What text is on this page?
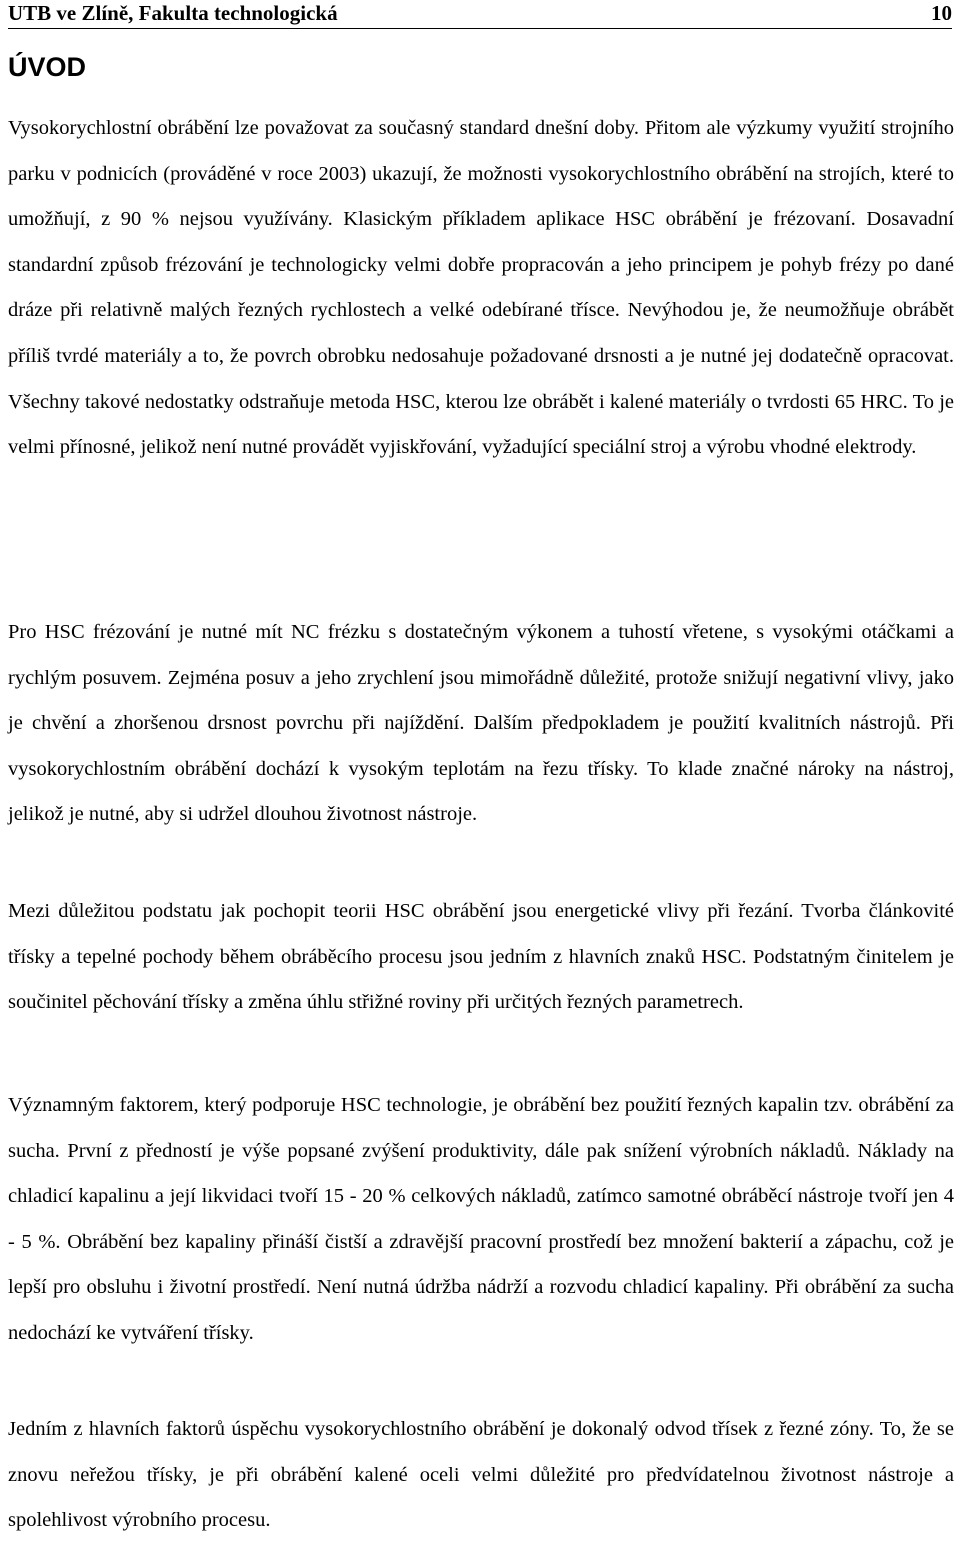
UTB ve Zlíně, Fakulta technologická	10
ÚVOD

Vysokorychlostní obrábění lze považovat za současný standard dnešní doby. Přitom ale výzkumy využití strojního parku v podnicích (prováděné v roce 2003) ukazují, že možnosti vysokorychlostního obrábění na strojích, které to umožňují, z 90 % nejsou využívány. Klasickým příkladem aplikace HSC obrábění je frézovaní. Dosavadní standardní způsob frézování je technologicky velmi dobře propracován a jeho principem je pohyb frézy po dané dráze při relativně malých řezných rychlostech a velké odebírané třísce. Nevýhodou je, že neumožňuje obrábět příliš tvrdé materiály a to, že povrch obrobku nedosahuje požadované drsnosti a je nutné jej dodatečně opracovat. Všechny takové nedostatky odstraňuje metoda HSC, kterou lze obrábět i kalené materiály o tvrdosti 65 HRC. To je velmi přínosné, jelikož není nutné provádět vyjiskřování, vyžadující speciální stroj a výrobu vhodné elektrody.

Pro HSC frézování je nutné mít NC frézku s dostatečným výkonem a tuhostí vřetene, s vysokými otáčkami a rychlým posuvem. Zejména posuv a jeho zrychlení jsou mimořádně důležité, protože snižují negativní vlivy, jako je chvění a zhoršenou drsnost povrchu při najíždění. Dalším předpokladem je použití kvalitních nástrojů. Při vysokorychlostním obrábění dochází k vysokým teplotám na řezu třísky. To klade značné nároky na nástroj, jelikož je nutné, aby si udržel dlouhou životnost nástroje.

Mezi důležitou podstatu jak pochopit teorii HSC obrábění jsou energetické vlivy při řezání. Tvorba článkovité třísky a tepelné pochody během obráběcího procesu jsou jedním z hlavních znaků HSC. Podstatným činitelem je součinitel pěchování třísky a změna úhlu střižné roviny při určitých řezných parametrech.

Významným faktorem, který podporuje HSC technologie, je obrábění bez použití řezných kapalin tzv. obrábění za sucha. První z předností je výše popsané zvýšení produktivity, dále pak snížení výrobních nákladů. Náklady na chladicí kapalinu a její likvidaci tvoří 15 - 20 % celkových nákladů, zatímco samotné obráběcí nástroje tvoří jen 4 - 5 %. Obrábění bez kapaliny přináší čistší a zdravější pracovní prostředí bez množení bakterií a zápachu, což je lepší pro obsluhu i životní prostředí. Není nutná údržba nádrží a rozvodu chladicí kapaliny. Při obrábění za sucha nedochází ke vytváření třísky.

Jedním z hlavních faktorů úspěchu vysokorychlostního obrábění je dokonalý odvod třísek z řezné zóny. To, že se znovu neřežou třísky, je při obrábění kalené oceli velmi důležité pro předvídatelnou životnost nástroje a spolehlivost výrobního procesu.
